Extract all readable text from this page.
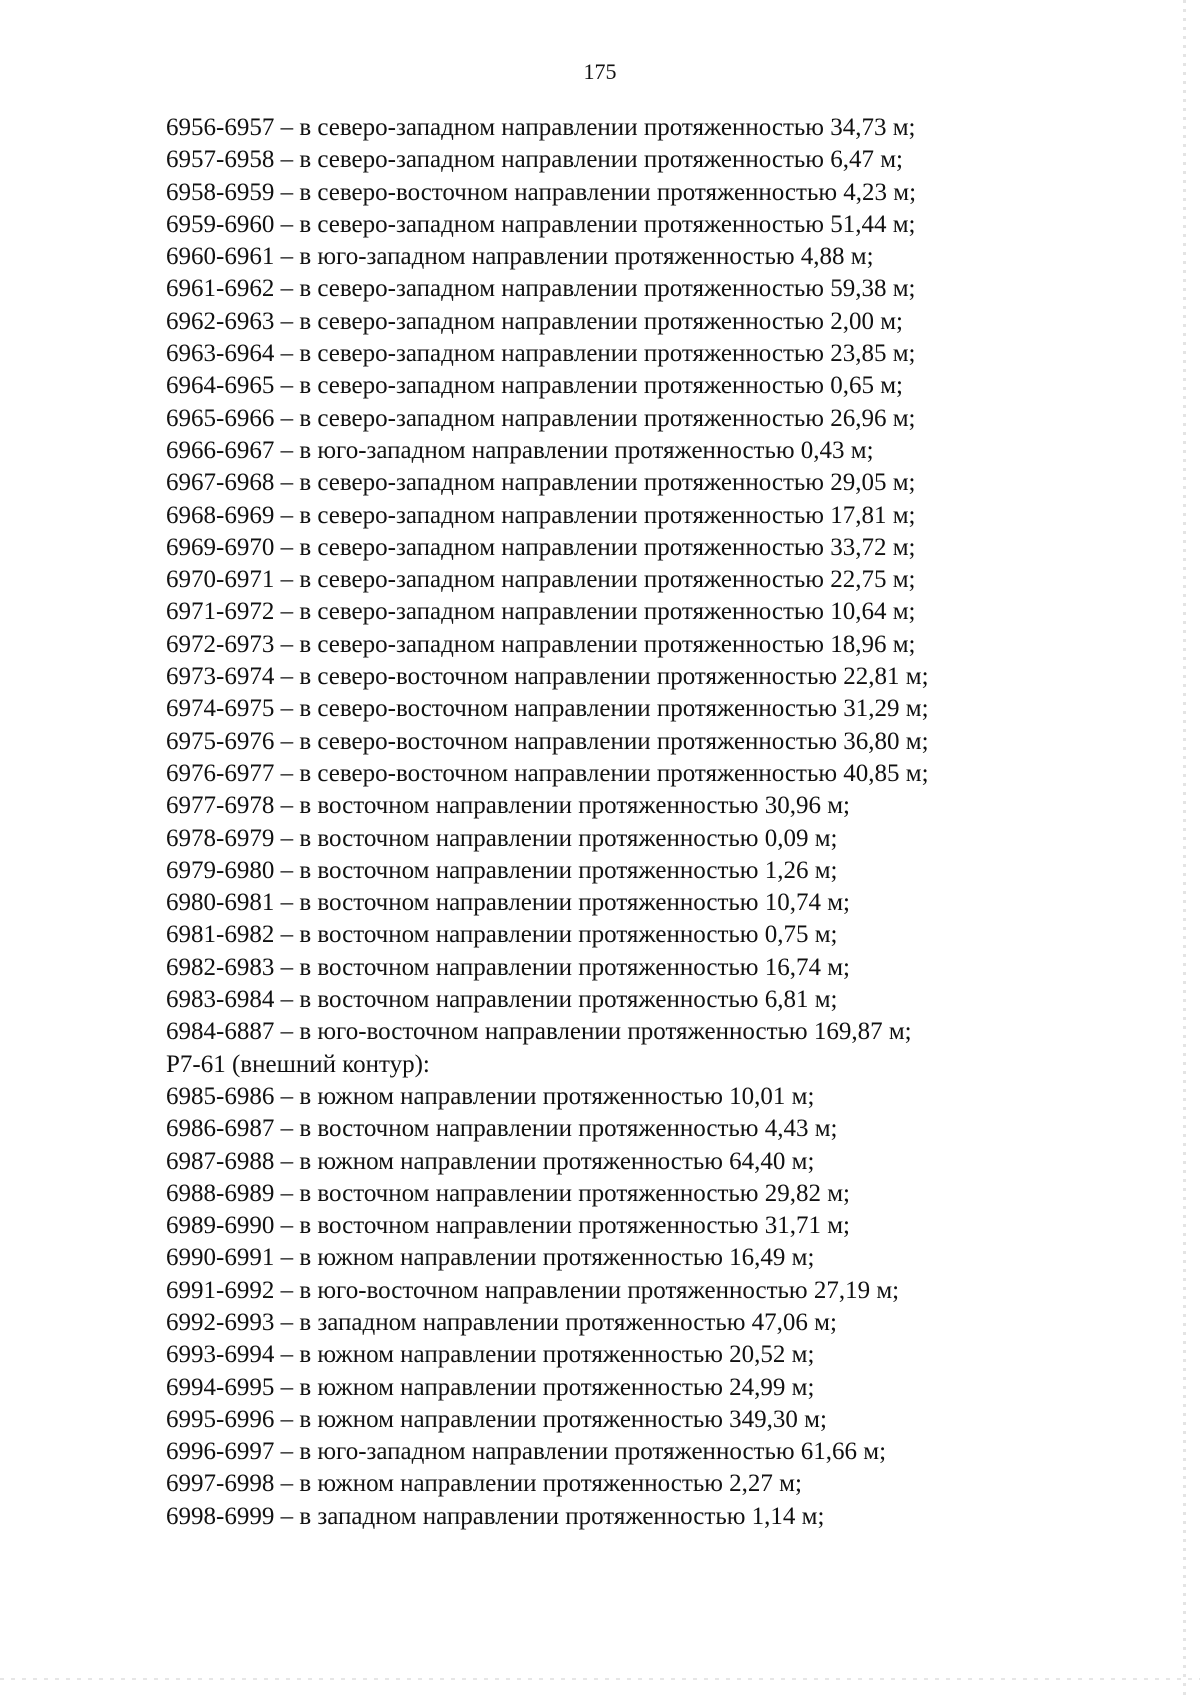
175
6956-6957 – в северо-западном направлении протяженностью 34,73 м;
6957-6958 – в северо-западном направлении протяженностью 6,47 м;
6958-6959 – в северо-восточном направлении протяженностью 4,23 м;
6959-6960 – в северо-западном направлении протяженностью 51,44 м;
6960-6961 – в юго-западном направлении протяженностью 4,88 м;
6961-6962 – в северо-западном направлении протяженностью 59,38 м;
6962-6963 – в северо-западном направлении протяженностью 2,00 м;
6963-6964 – в северо-западном направлении протяженностью 23,85 м;
6964-6965 – в северо-западном направлении протяженностью 0,65 м;
6965-6966 – в северо-западном направлении протяженностью 26,96 м;
6966-6967 – в юго-западном направлении протяженностью 0,43 м;
6967-6968 – в северо-западном направлении протяженностью 29,05 м;
6968-6969 – в северо-западном направлении протяженностью 17,81 м;
6969-6970 – в северо-западном направлении протяженностью 33,72 м;
6970-6971 – в северо-западном направлении протяженностью 22,75 м;
6971-6972 – в северо-западном направлении протяженностью 10,64 м;
6972-6973 – в северо-западном направлении протяженностью 18,96 м;
6973-6974 – в северо-восточном направлении протяженностью 22,81 м;
6974-6975 – в северо-восточном направлении протяженностью 31,29 м;
6975-6976 – в северо-восточном направлении протяженностью 36,80 м;
6976-6977 – в северо-восточном направлении протяженностью 40,85 м;
6977-6978 – в восточном направлении протяженностью 30,96 м;
6978-6979 – в восточном направлении протяженностью 0,09 м;
6979-6980 – в восточном направлении протяженностью 1,26 м;
6980-6981 – в восточном направлении протяженностью 10,74 м;
6981-6982 – в восточном направлении протяженностью 0,75 м;
6982-6983 – в восточном направлении протяженностью 16,74 м;
6983-6984 – в восточном направлении протяженностью 6,81 м;
6984-6887 – в юго-восточном направлении протяженностью 169,87 м;
Р7-61 (внешний контур):
6985-6986 – в южном направлении протяженностью 10,01 м;
6986-6987 – в восточном направлении протяженностью 4,43 м;
6987-6988 – в южном направлении протяженностью 64,40 м;
6988-6989 – в восточном направлении протяженностью 29,82 м;
6989-6990 – в восточном направлении протяженностью 31,71 м;
6990-6991 – в южном направлении протяженностью 16,49 м;
6991-6992 – в юго-восточном направлении протяженностью 27,19 м;
6992-6993 – в западном направлении протяженностью 47,06 м;
6993-6994 – в южном направлении протяженностью 20,52 м;
6994-6995 – в южном направлении протяженностью 24,99 м;
6995-6996 – в южном направлении протяженностью 349,30 м;
6996-6997 – в юго-западном направлении протяженностью 61,66 м;
6997-6998 – в южном направлении протяженностью 2,27 м;
6998-6999 – в западном направлении протяженностью 1,14 м;
